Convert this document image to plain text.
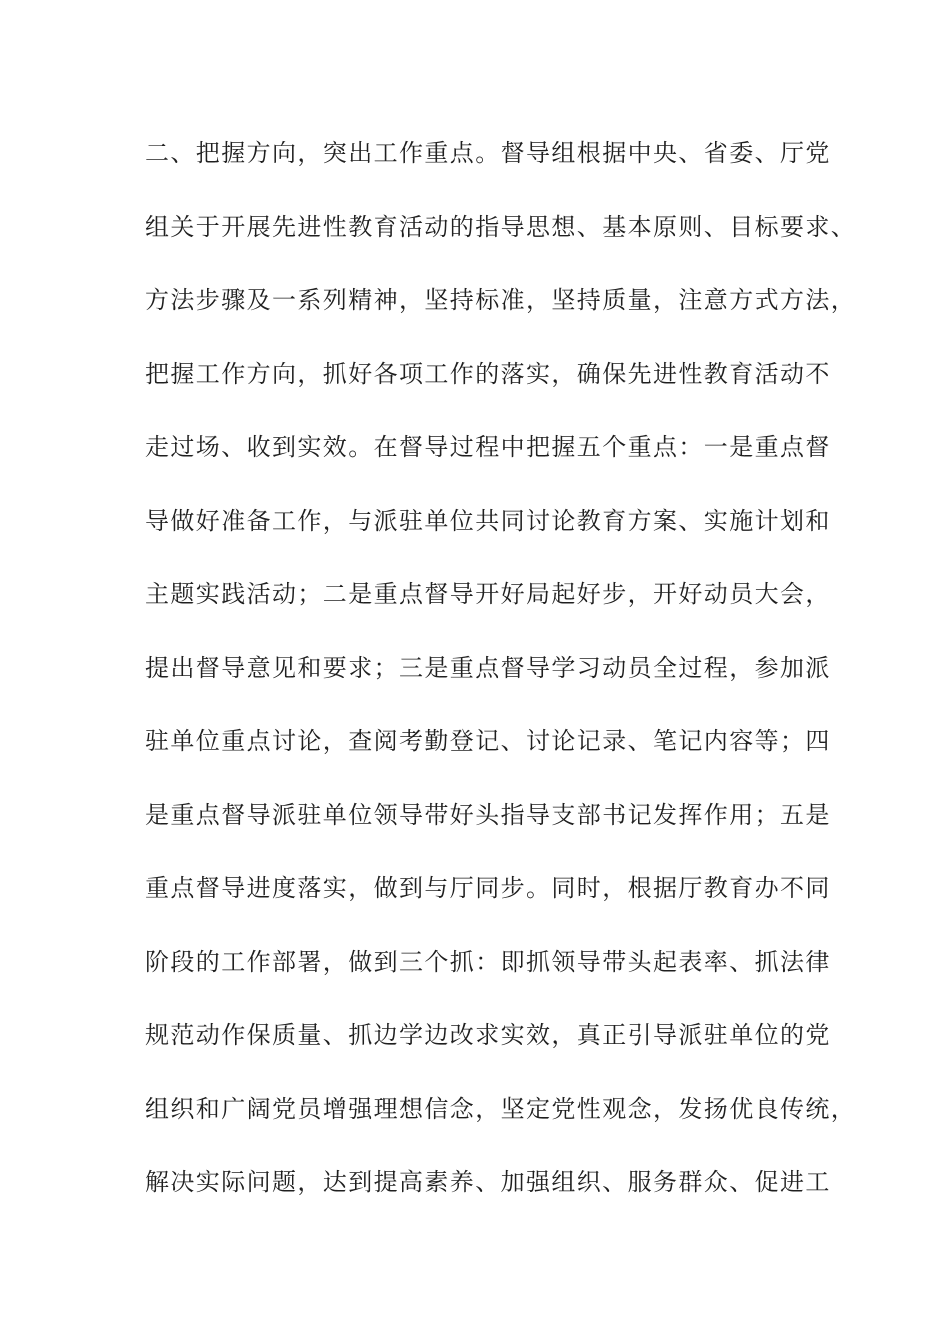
二、把握方向，突出工作重点。督导组根据中央、省委、厅党
组关于开展先进性教育活动的指导思想、基本原则、目标要求、
方法步骤及一系列精神，坚持标准，坚持质量，注意方式方法，
把握工作方向，抓好各项工作的落实，确保先进性教育活动不
走过场、收到实效。在督导过程中把握五个重点：一是重点督
导做好准备工作，与派驻单位共同讨论教育方案、实施计划和
主题实践活动；二是重点督导开好局起好步，开好动员大会，
提出督导意见和要求；三是重点督导学习动员全过程，参加派
驻单位重点讨论，查阅考勤登记、讨论记录、笔记内容等；四
是重点督导派驻单位领导带好头指导支部书记发挥作用；五是
重点督导进度落实，做到与厅同步。同时，根据厅教育办不同
阶段的工作部署，做到三个抓：即抓领导带头起表率、抓法律
规范动作保质量、抓边学边改求实效，真正引导派驻单位的党
组织和广阔党员增强理想信念，坚定党性观念，发扬优良传统，
解决实际问题，达到提高素养、加强组织、服务群众、促进工
